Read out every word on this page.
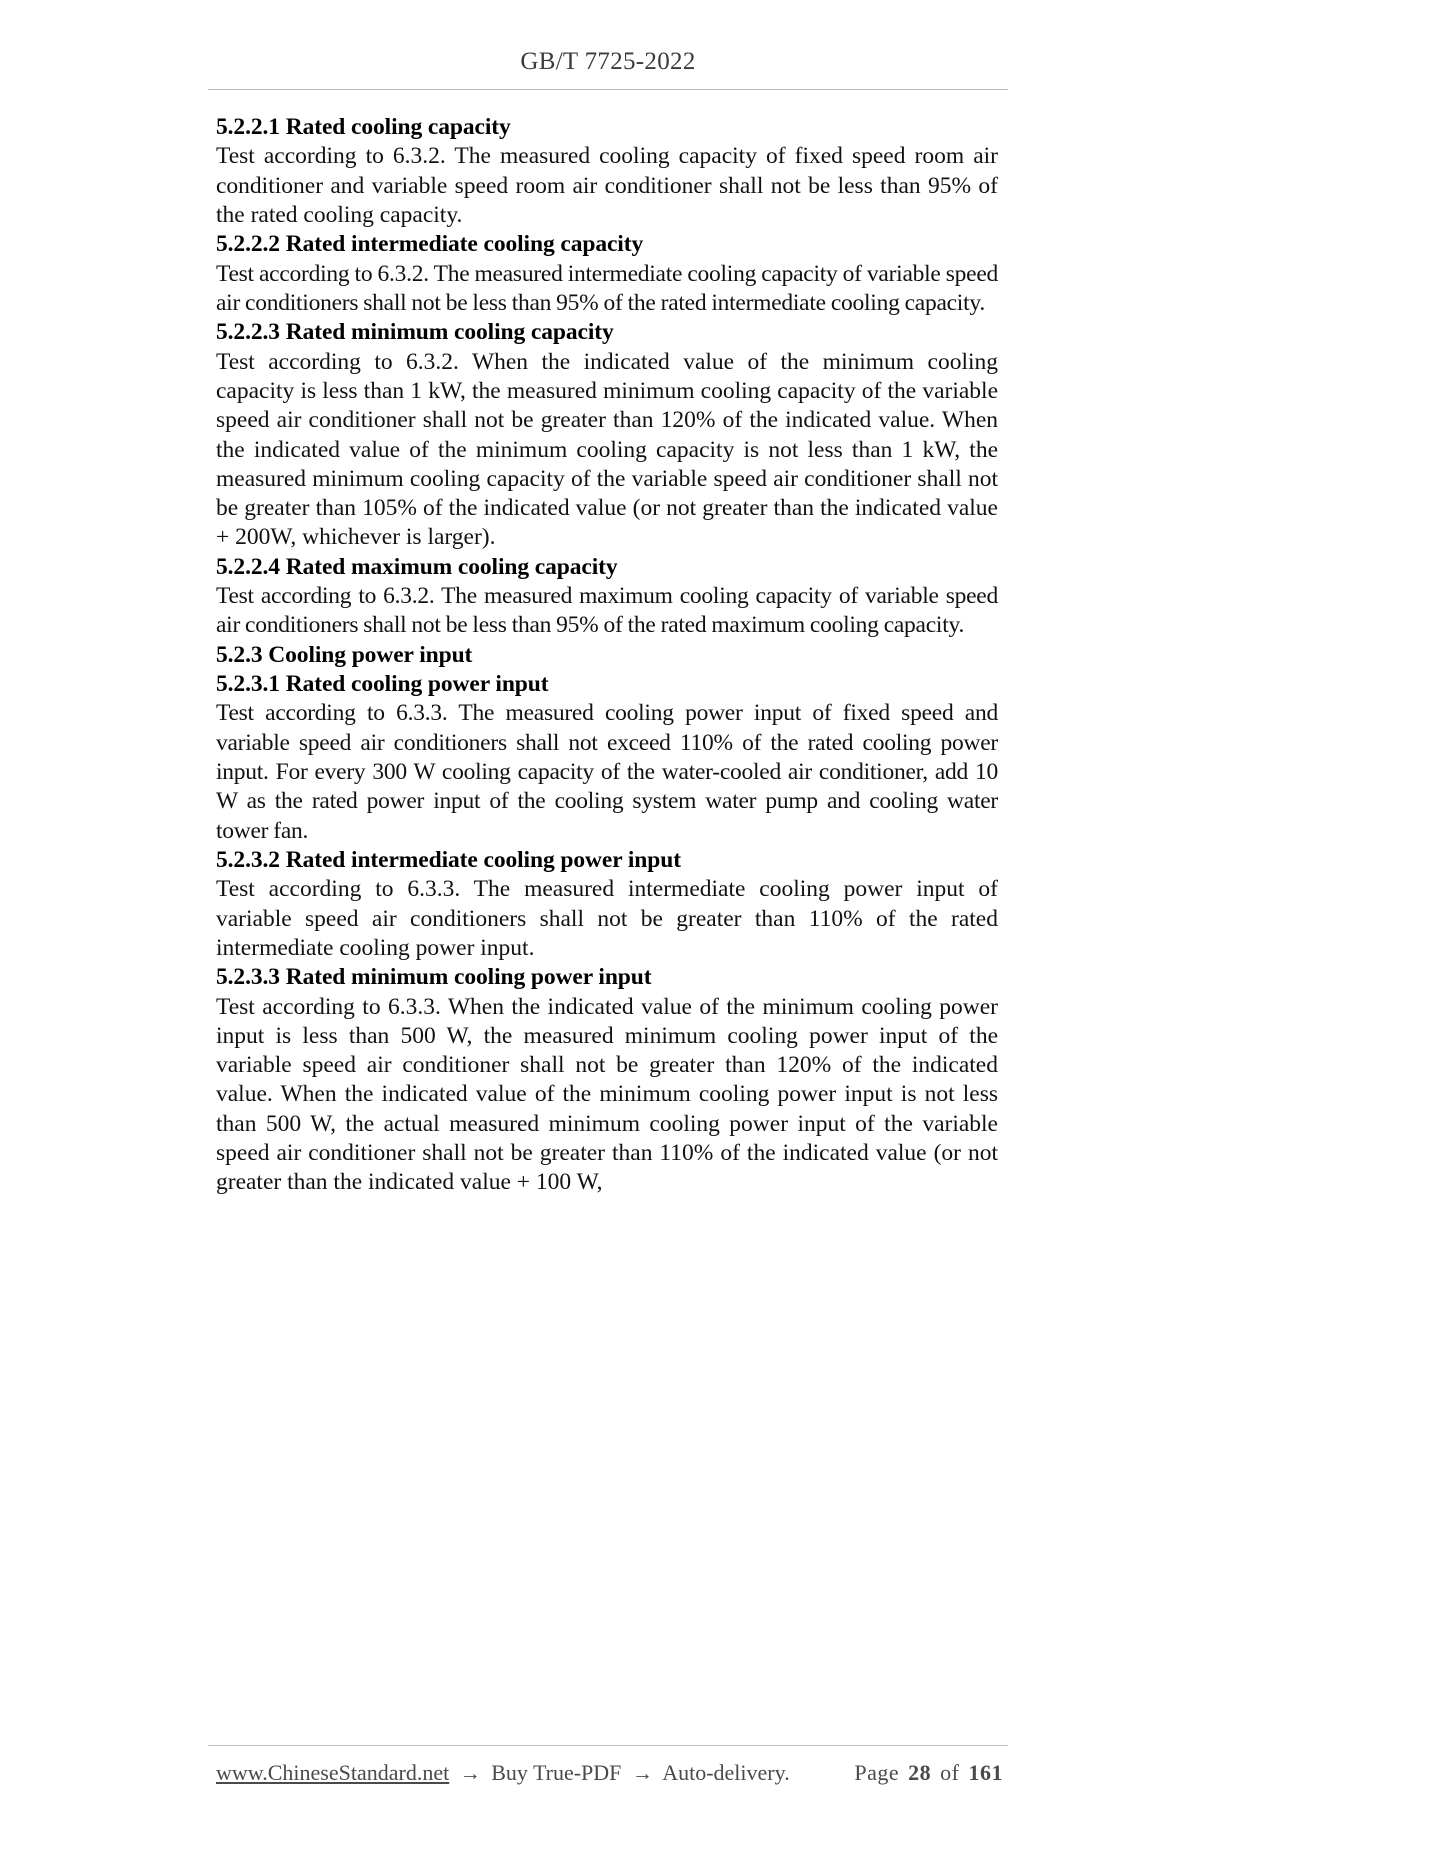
GB/T 7725-2022
5.2.2.1 Rated cooling capacity

Test according to 6.3.2. The measured cooling capacity of fixed speed room air conditioner and variable speed room air conditioner shall not be less than 95% of the rated cooling capacity.

5.2.2.2 Rated intermediate cooling capacity

Test according to 6.3.2. The measured intermediate cooling capacity of variable speed air conditioners shall not be less than 95% of the rated intermediate cooling capacity.

5.2.2.3 Rated minimum cooling capacity

Test according to 6.3.2. When the indicated value of the minimum cooling capacity is less than 1 kW, the measured minimum cooling capacity of the variable speed air conditioner shall not be greater than 120% of the indicated value. When the indicated value of the minimum cooling capacity is not less than 1 kW, the measured minimum cooling capacity of the variable speed air conditioner shall not be greater than 105% of the indicated value (or not greater than the indicated value + 200W, whichever is larger).

5.2.2.4 Rated maximum cooling capacity

Test according to 6.3.2. The measured maximum cooling capacity of variable speed air conditioners shall not be less than 95% of the rated maximum cooling capacity.

5.2.3 Cooling power input
5.2.3.1 Rated cooling power input

Test according to 6.3.3. The measured cooling power input of fixed speed and variable speed air conditioners shall not exceed 110% of the rated cooling power input. For every 300 W cooling capacity of the water-cooled air conditioner, add 10 W as the rated power input of the cooling system water pump and cooling water tower fan.

5.2.3.2 Rated intermediate cooling power input

Test according to 6.3.3. The measured intermediate cooling power input of variable speed air conditioners shall not be greater than 110% of the rated intermediate cooling power input.

5.2.3.3 Rated minimum cooling power input

Test according to 6.3.3. When the indicated value of the minimum cooling power input is less than 500 W, the measured minimum cooling power input of the variable speed air conditioner shall not be greater than 120% of the indicated value. When the indicated value of the minimum cooling power input is not less than 500 W, the actual measured minimum cooling power input of the variable speed air conditioner shall not be greater than 110% of the indicated value (or not greater than the indicated value + 100 W,

www.ChineseStandard.net → Buy True-PDF → Auto-delivery.	Page 28 of 161
